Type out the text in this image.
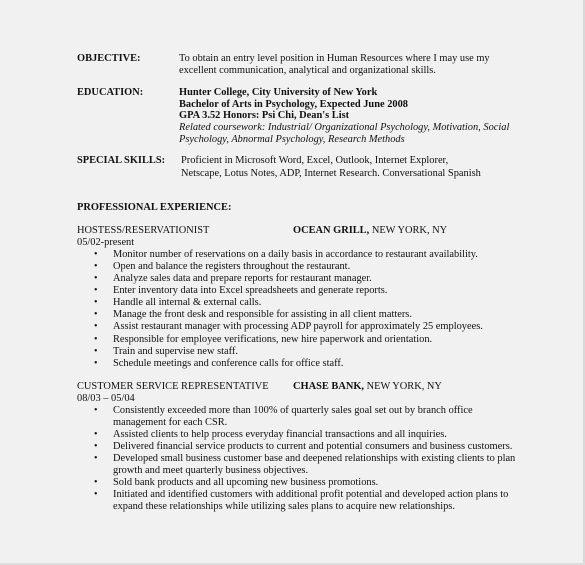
OBJECTIVE:	To obtain an entry level position in Human Resources where I may use my
excellent communication, analytical and organizational skills.
EDUCATION:	Hunter College, City University of New York
Bachelor of Arts in Psychology, Expected June 2008
GPA 3.52 Honors: Psi Chi, Dean's List
Related coursework: Industrial/ Organizational Psychology, Motivation, Social
Psychology, Abnormal Psychology, Research Methods
SPECIAL SKILLS: Proficient in Microsoft Word, Excel, Outlook, Internet Explorer,
Netscape, Lotus Notes, ADP, Internet Research. Conversational Spanish
PROFESSIONAL EXPERIENCE:
HOSTESS/RESERVATIONIST	OCEAN GRILL, NEW YORK, NY
05/02-present
• Monitor number of reservations on a daily basis in accordance to restaurant availability.
• Open and balance the registers throughout the restaurant.
• Analyze sales data and prepare reports for restaurant manager.
• Enter inventory data into Excel spreadsheets and generate reports.
• Handle all internal & external calls.
• Manage the front desk and responsible for assisting in all client matters.
• Assist restaurant manager with processing ADP payroll for approximately 25 employees.
• Responsible for employee verifications, new hire paperwork and orientation.
• Train and supervise new staff.
• Schedule meetings and conference calls for office staff.
CUSTOMER SERVICE REPRESENTATIVE CHASE BANK, NEW YORK, NY
08/03 – 05/04
• Consistently exceeded more than 100% of quarterly sales goal set out by branch office
management for each CSR.
• Assisted clients to help process everyday financial transactions and all inquiries.
• Delivered financial service products to current and potential consumers and business customers.
• Developed small business customer base and deepened relationships with existing clients to plan
growth and meet quarterly business objectives.
• Sold bank products and all upcoming new business promotions.
• Initiated and identified customers with additional profit potential and developed action plans to
expand these relationships while utilizing sales plans to acquire new relationships.
